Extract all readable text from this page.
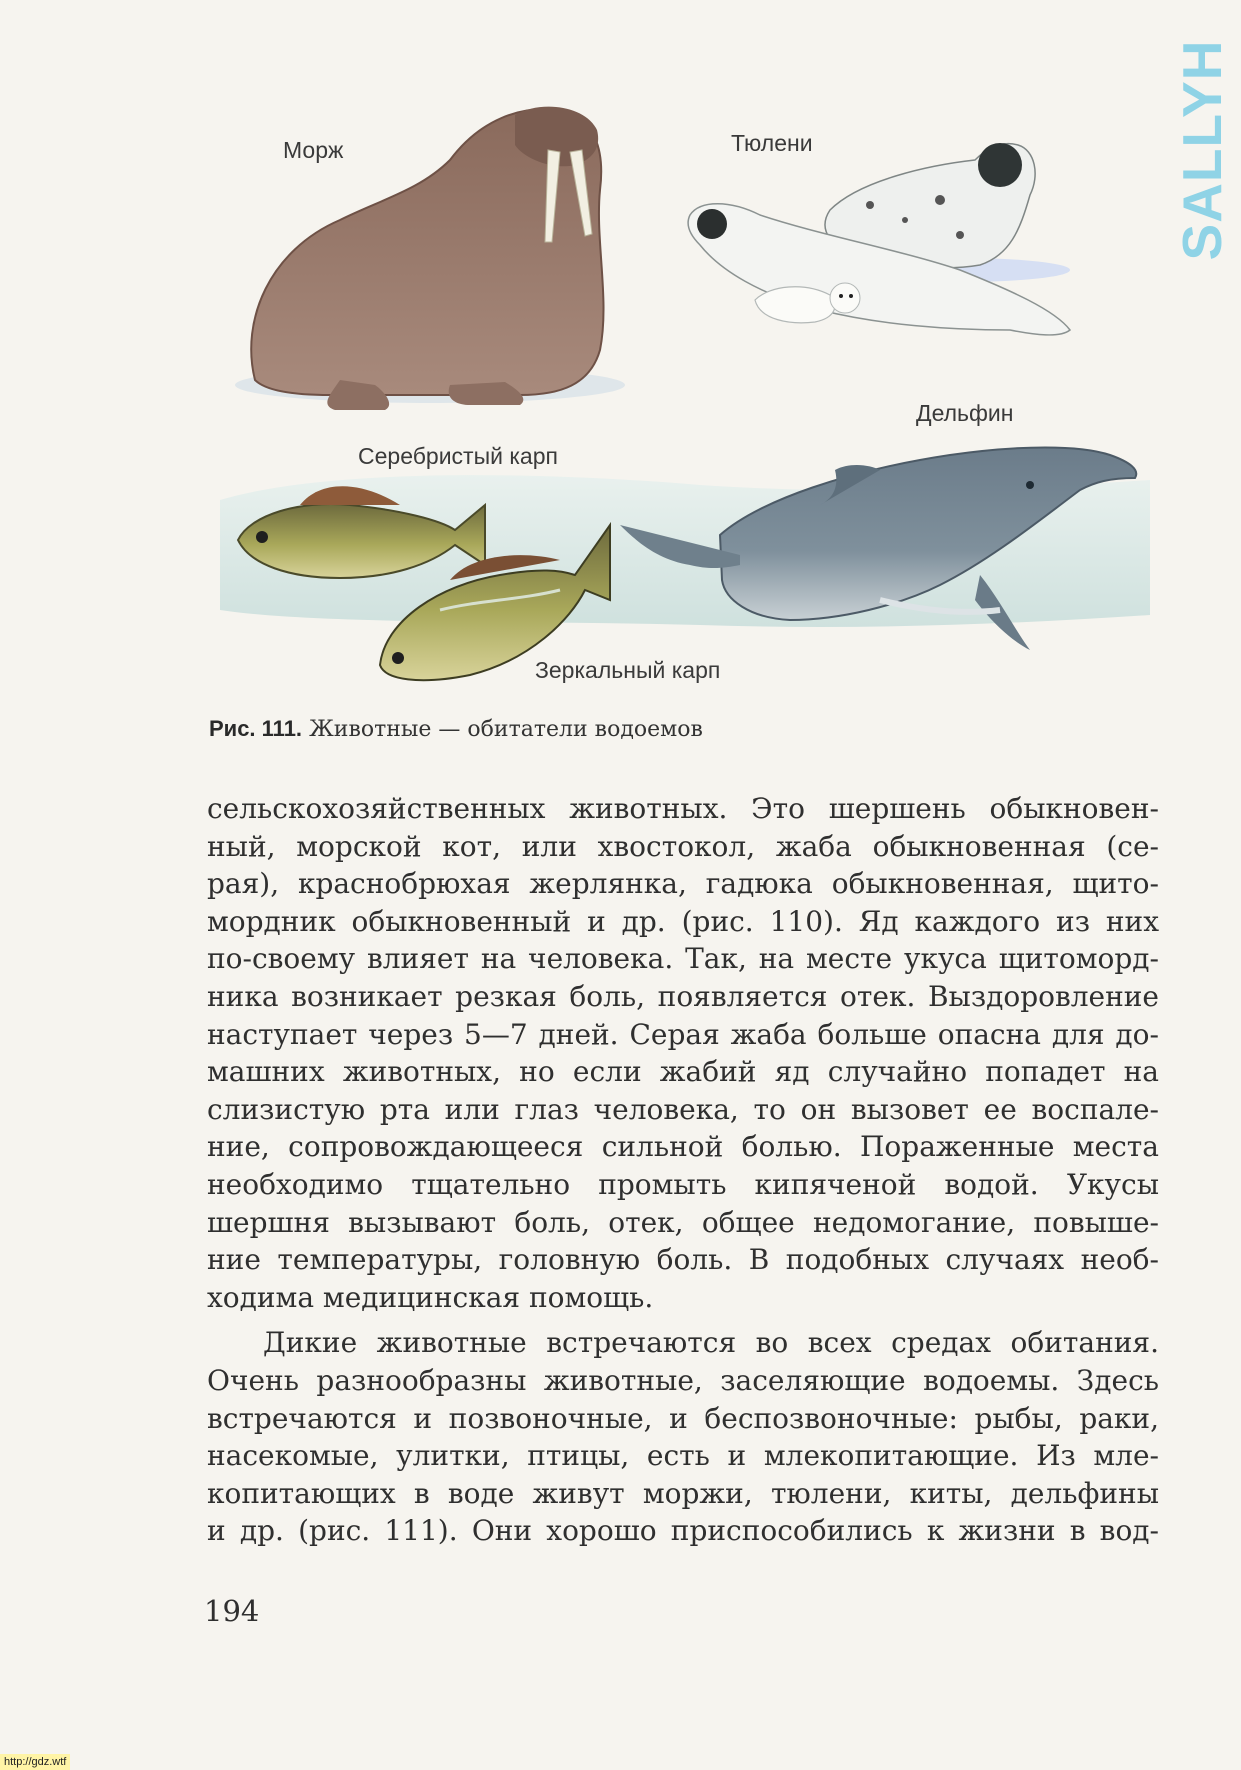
Морж	Тюлени
Дельфин
Серебристый карп
Зеркальный карп
Рис. 111. Животные — обитатели водоемов
сельскохозяйственных животных. Это шершень обыкновен-
ный, морской кот, или хвостокол, жаба обыкновенная (се-
рая), краснобрюхая жерлянка, гадюка обыкновенная, щито-
мордник обыкновенный и др. (рис. 110). Яд каждого из них
по-своему влияет на человека. Так, на месте укуса щитоморд-
ника возникает резкая боль, появляется отек. Выздоровление
наступает через 5—7 дней. Серая жаба больше опасна для до-
машних животных, но если жабий яд случайно попадет на
слизистую рта или глаз человека, то он вызовет ее воспале-
ние, сопровождающееся сильной болью. Пораженные места
необходимо тщательно промыть кипяченой водой. Укусы
шершня вызывают боль, отек, общее недомогание, повыше-
ние температуры, головную боль. В подобных случаях необ-
ходима медицинская помощь.
Дикие животные встречаются во всех средах обитания.
Очень разнообразны животные, заселяющие водоемы. Здесь
встречаются и позвоночные, и беспозвоночные: рыбы, раки,
насекомые, улитки, птицы, есть и млекопитающие. Из мле-
копитающих в воде живут моржи, тюлени, киты, дельфины
и др. (рис. 111). Они хорошо приспособились к жизни в вод-
194
SALLYH
http://gdz.wtf
